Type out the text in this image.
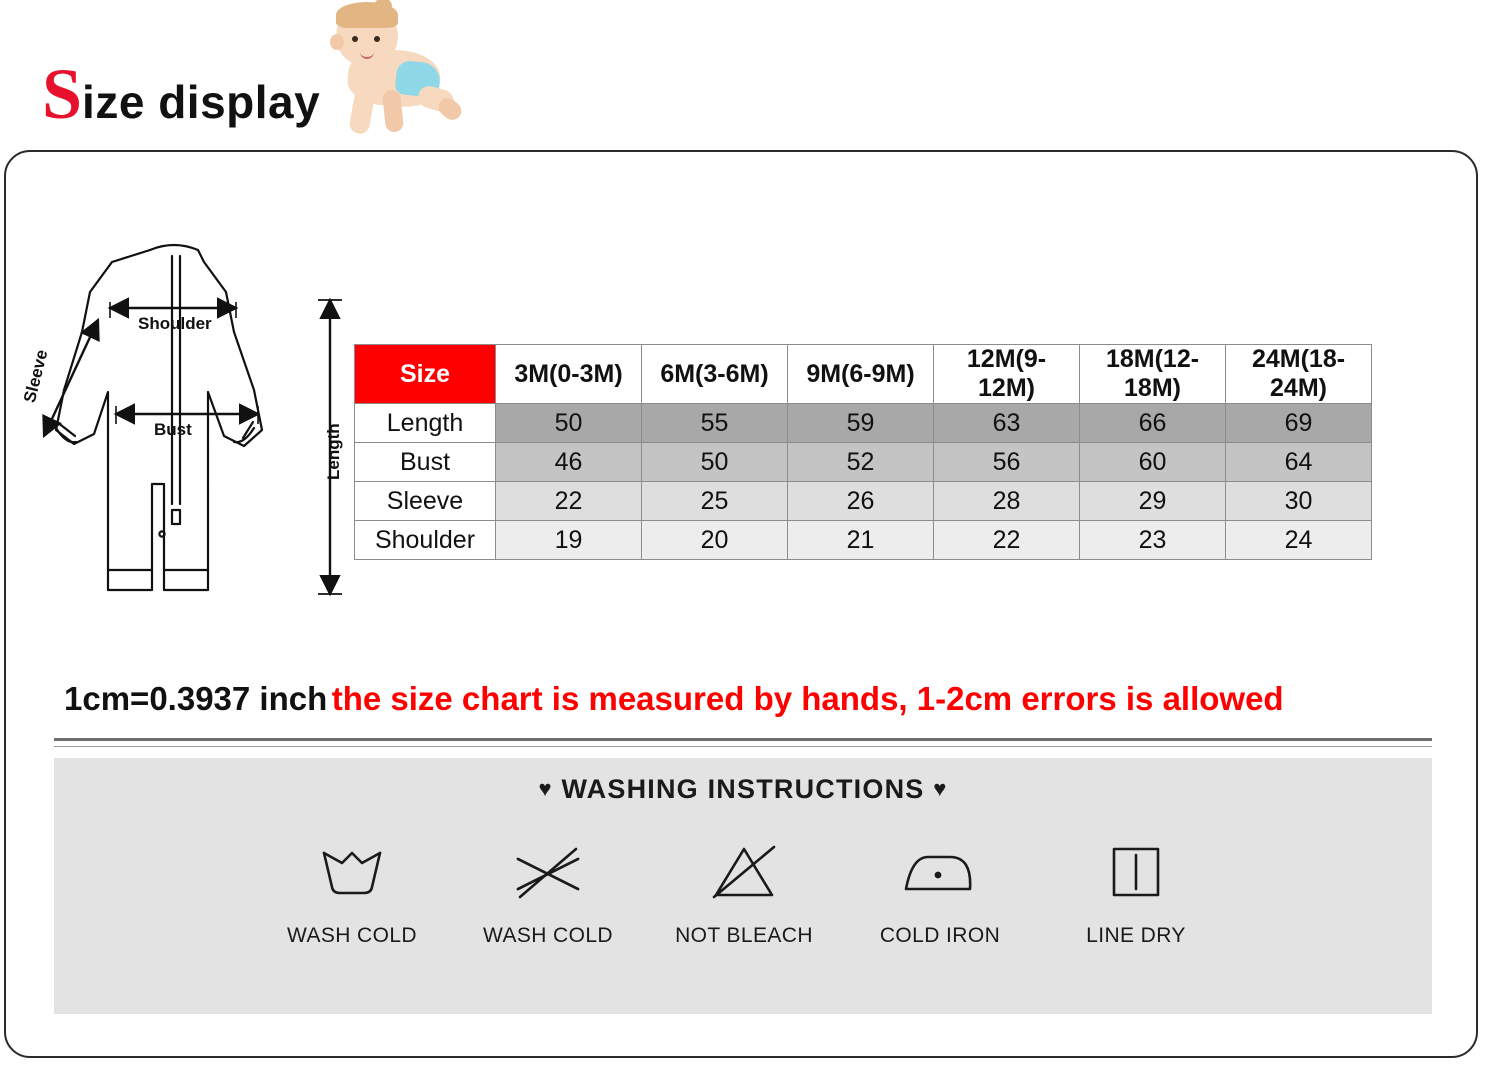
S ize display
Shoulder
Bust
Sleeve
Length
Size	3M(0-3M)	6M(3-6M)	9M(6-9M)	12M(9-12M)	18M(12-18M)	24M(18-24M)
Length	50	55	59	63	66	69
Bust	46	50	52	56	60	64
Sleeve	22	25	26	28	29	30
Shoulder	19	20	21	22	23	24
1cm=0.3937 inch the size chart is measured by hands, 1-2cm errors is allowed
♥ WASHING INSTRUCTIONS ♥
WASH COLD	WASH COLD	NOT BLEACH	COLD IRON	LINE DRY
